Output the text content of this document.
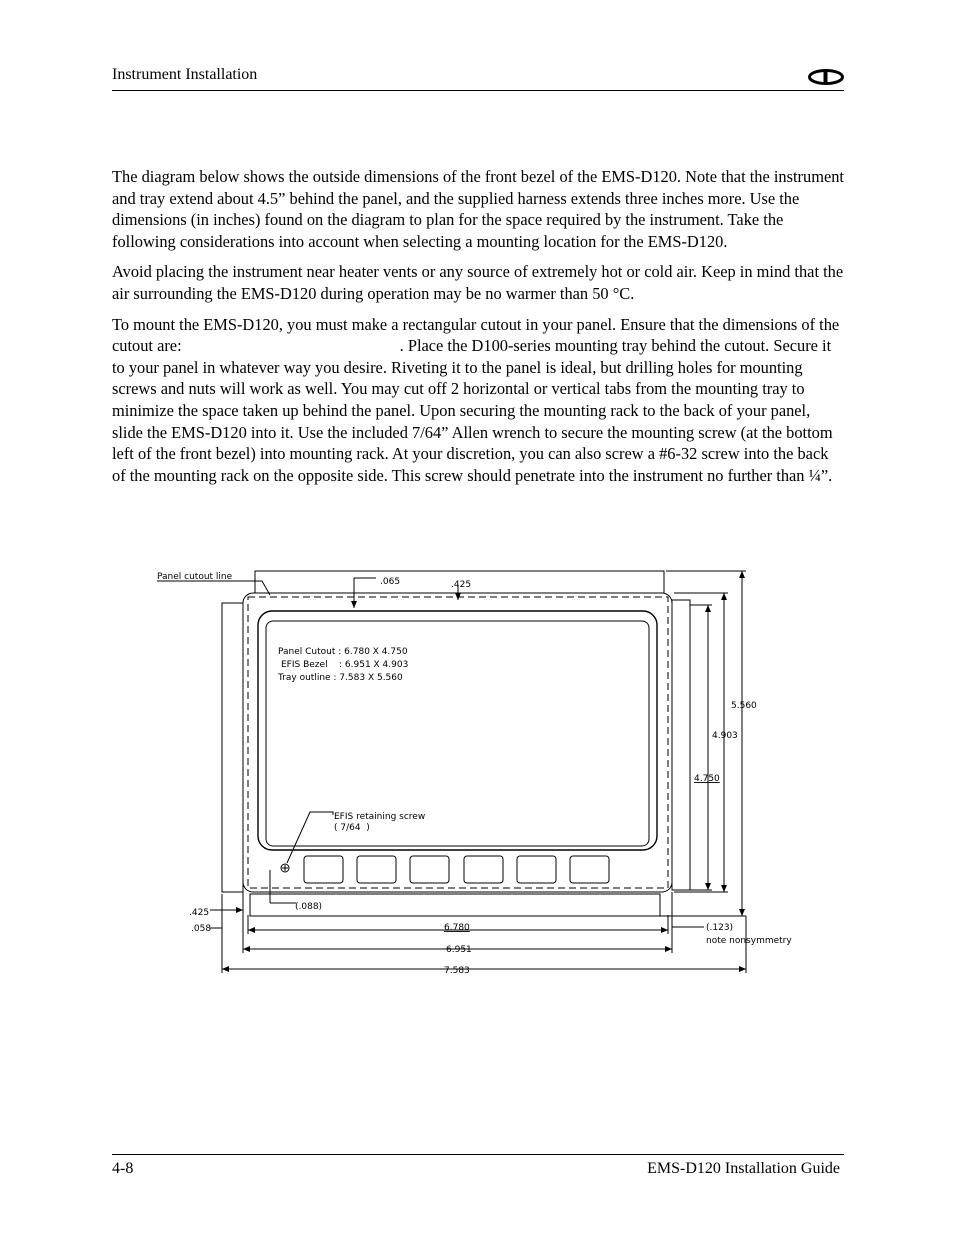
Instrument Installation

The diagram below shows the outside dimensions of the front bezel of the EMS-D120. Note that the instrument and tray extend about 4.5” behind the panel, and the supplied harness extends three inches more. Use the dimensions (in inches) found on the diagram to plan for the space required by the instrument. Take the following considerations into account when selecting a mounting location for the EMS-D120.

Avoid placing the instrument near heater vents or any source of extremely hot or cold air. Keep in mind that the air surrounding the EMS-D120 during operation may be no warmer than 50 °C.

To mount the EMS-D120, you must make a rectangular cutout in your panel. Ensure that the dimensions of the cutout are:	. Place the D100-series mounting tray behind the cutout. Secure it to your panel in whatever way you desire. Riveting it to the panel is ideal, but drilling holes for mounting screws and nuts will work as well. You may cut off 2 horizontal or vertical tabs from the mounting tray to minimize the space taken up behind the panel. Upon securing the mounting rack to the back of your panel, slide the EMS-D120 into it. Use the included 7/64” Allen wrench to secure the mounting screw (at the bottom left of the front bezel) into mounting rack. At your discretion, you can also screw a #6-32 screw into the back of the mounting rack on the opposite side. This screw should penetrate into the instrument no further than ¼”.

Panel cutout line	.065	.425
Panel Cutout : 6.780 X 4.750
EFIS Bezel    : 6.951 X 4.903
Tray outline : 7.583 X 5.560
5.560
4.903
4.750
EFIS retaining screw
( 7/64  )
(.088)
.425
.058	6.780	(.123)
note nonsymmetry
6.951
7.583
4-8	EMS-D120 Installation Guide
